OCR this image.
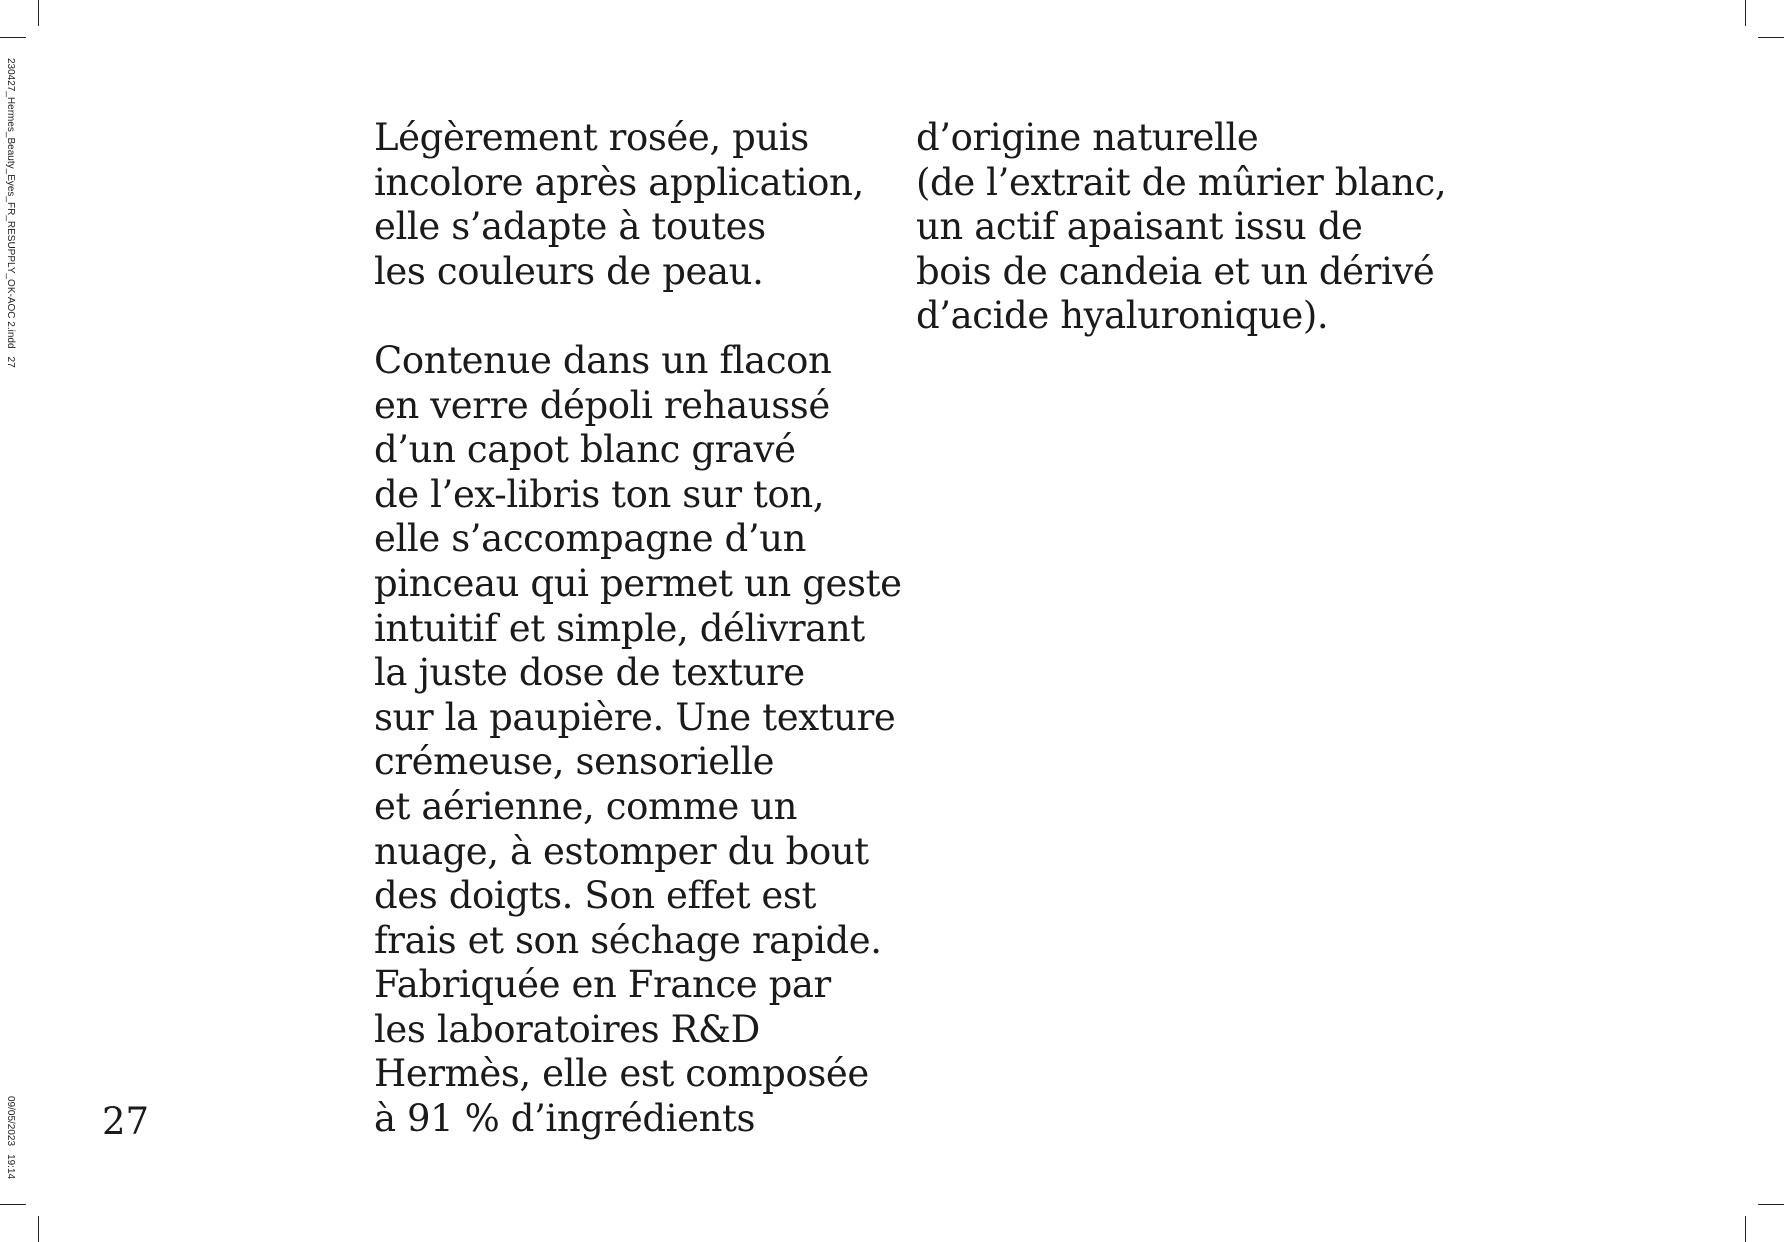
230427_Hermes_Beauty_Eyes_FR_RESUPPLY_OK-AOC 2.indd27
09/05/202319:14
Légèrement rosée, puis
incolore après application,
elle s’adapte à toutes
les couleurs de peau.
Contenue dans un flacon
en verre dépoli rehaussé
d’un capot blanc gravé
de l’ex-libris ton sur ton,
elle s’accompagne d’un
pinceau qui permet un geste
intuitif et simple, délivrant
la juste dose de texture
sur la paupière. Une texture
crémeuse, sensorielle
et aérienne, comme un
nuage, à estomper du bout
des doigts. Son effet est
frais et son séchage rapide.
Fabriquée en France par
les laboratoires R&D
Hermès, elle est composée
à 91 % d’ingrédients
d’origine naturelle
(de l’extrait de mûrier blanc,
un actif apaisant issu de
bois de candeia et un dérivé
d’acide hyaluronique).
27
